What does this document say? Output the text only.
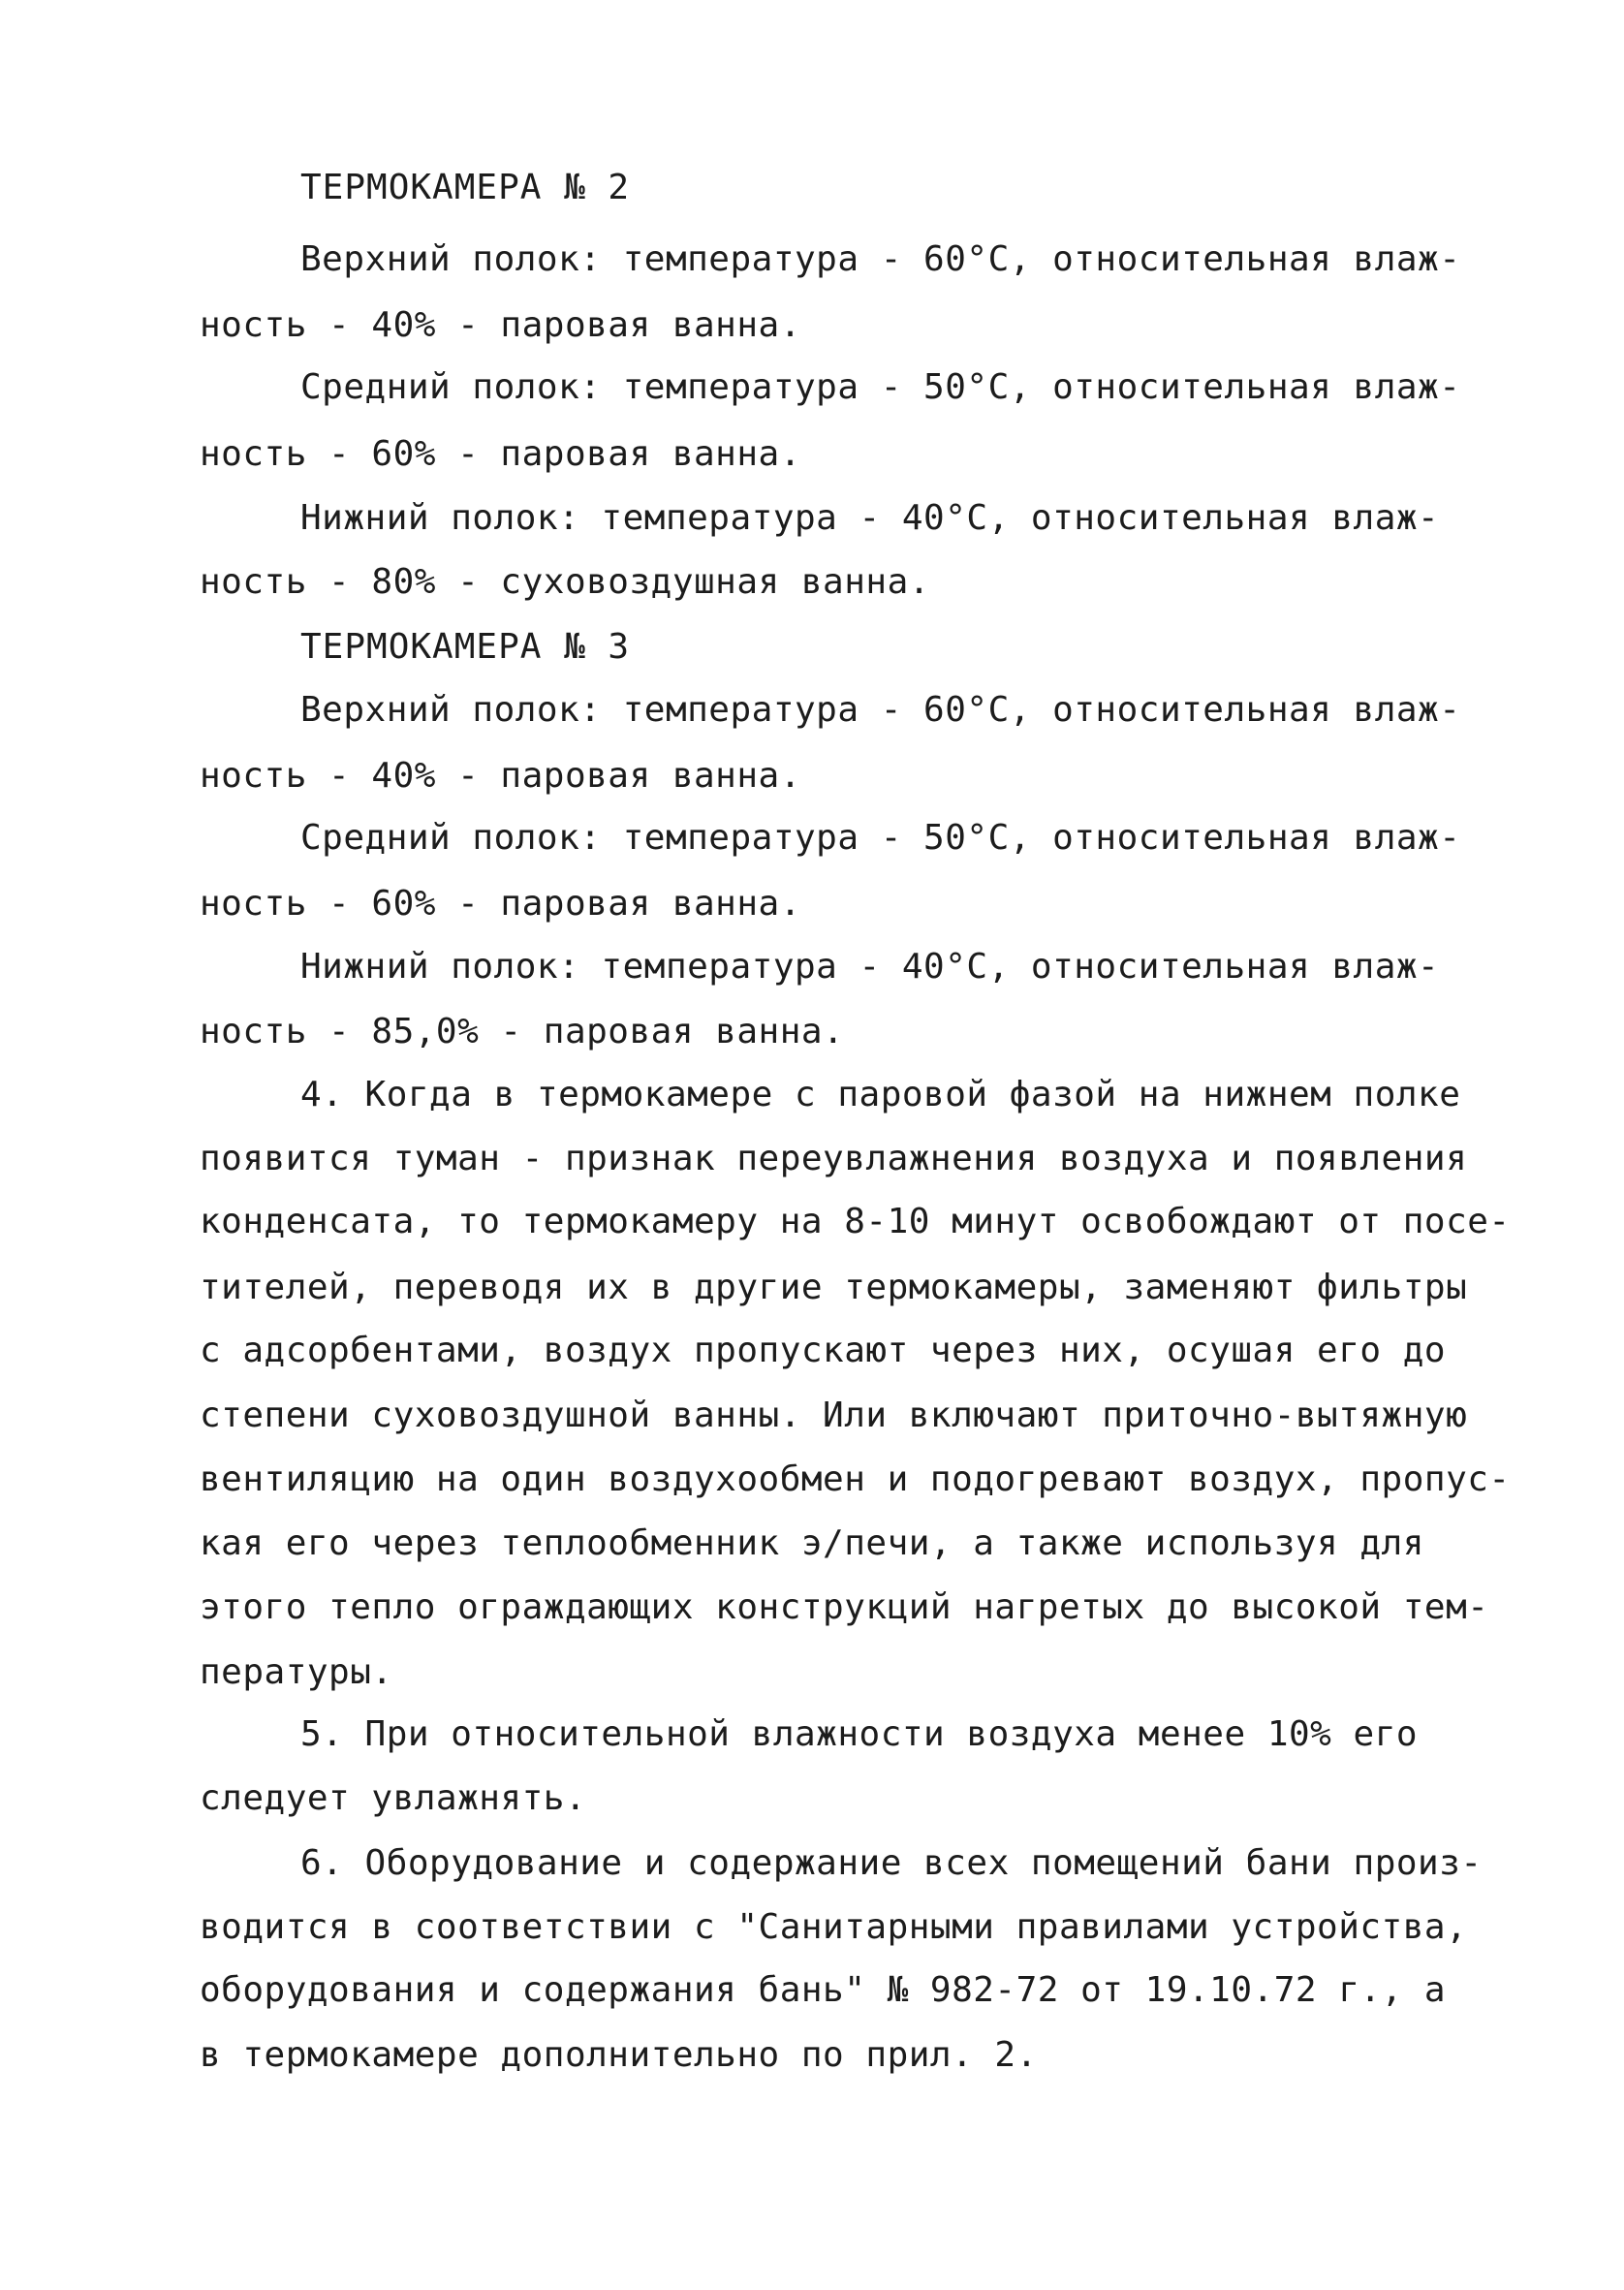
ТЕРМОКАМЕРА № 2

Верхний полок: температура - 60°С, относительная влаж-

ность - 40% - паровая ванна.

Средний полок: температура - 50°С, относительная влаж-

ность - 60% - паровая ванна.

Нижний полок: температура - 40°С, относительная влаж-

ность - 80% - суховоздушная ванна.

ТЕРМОКАМЕРА № 3

Верхний полок: температура - 60°С, относительная влаж-

ность - 40% - паровая ванна.

Средний полок: температура - 50°С, относительная влаж-

ность - 60% - паровая ванна.

Нижний полок: температура - 40°С, относительная влаж-

ность - 85,0% - паровая ванна.

4. Когда в термокамере с паровой фазой на нижнем полке

появится туман - признак переувлажнения воздуха и появления

конденсата, то термокамеру на 8-10 минут освобождают от посе-

тителей, переводя их в другие термокамеры, заменяют фильтры

с адсорбентами, воздух пропускают через них, осушая его до

степени суховоздушной ванны. Или включают приточно-вытяжную

вентиляцию на один воздухообмен и подогревают воздух, пропус-

кая его через теплообменник э/печи, а также используя для

этого тепло ограждающих конструкций нагретых до высокой тем-

пературы.

5. При относительной влажности воздуха менее 10% его

следует увлажнять.

6. Оборудование и содержание всех помещений бани произ-

водится в соответствии с "Санитарными правилами устройства,

оборудования и содержания бань" № 982-72 от 19.10.72 г., а

в термокамере дополнительно по прил. 2.
